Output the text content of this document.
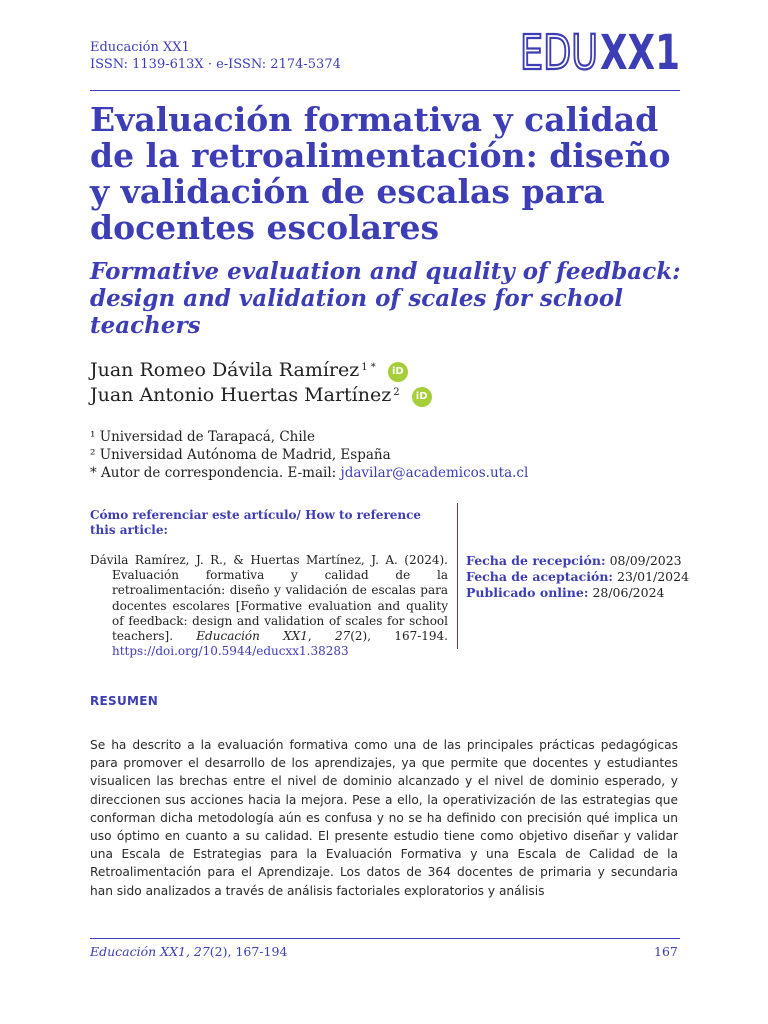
Educación XX1
ISSN: 1139-613X · e-ISSN: 2174-5374	EDU XX1
Evaluación formativa y calidad de la retroalimentación: diseño y validación de escalas para docentes escolares
Formative evaluation and quality of feedback: design and validation of scales for school teachers
Juan Romeo Dávila Ramírez $^{1 *}$ iD
Juan Antonio Huertas Martínez $^2$ iD
¹ Universidad de Tarapacá, Chile
² Universidad Autónoma de Madrid, España
* Autor de correspondencia. E-mail: jdavilar@academicos.uta.cl
Cómo referenciar este artículo/ How to reference this article:
Dávila Ramírez, J. R., & Huertas Martínez, J. A. (2024). Evaluación formativa y calidad de la retroalimentación: diseño y validación de escalas para docentes escolares [Formative evaluation and quality of feedback: design and validation of scales for school teachers]. Educación XX1, 27(2), 167-194. https://doi.org/10.5944/educxx1.38283
Fecha de recepción: 08/09/2023
Fecha de aceptación: 23/01/2024
Publicado online: 28/06/2024
RESUMEN

Se ha descrito a la evaluación formativa como una de las principales prácticas pedagógicas para promover el desarrollo de los aprendizajes, ya que permite que docentes y estudiantes visualicen las brechas entre el nivel de dominio alcanzado y el nivel de dominio esperado, y direccionen sus acciones hacia la mejora. Pese a ello, la operativización de las estrategias que conforman dicha metodología aún es confusa y no se ha definido con precisión qué implica un uso óptimo en cuanto a su calidad. El presente estudio tiene como objetivo diseñar y validar una Escala de Estrategias para la Evaluación Formativa y una Escala de Calidad de la Retroalimentación para el Aprendizaje. Los datos de 364 docentes de primaria y secundaria han sido analizados a través de análisis factoriales exploratorios y análisis

Educación XX1, 27(2), 167-194	167
